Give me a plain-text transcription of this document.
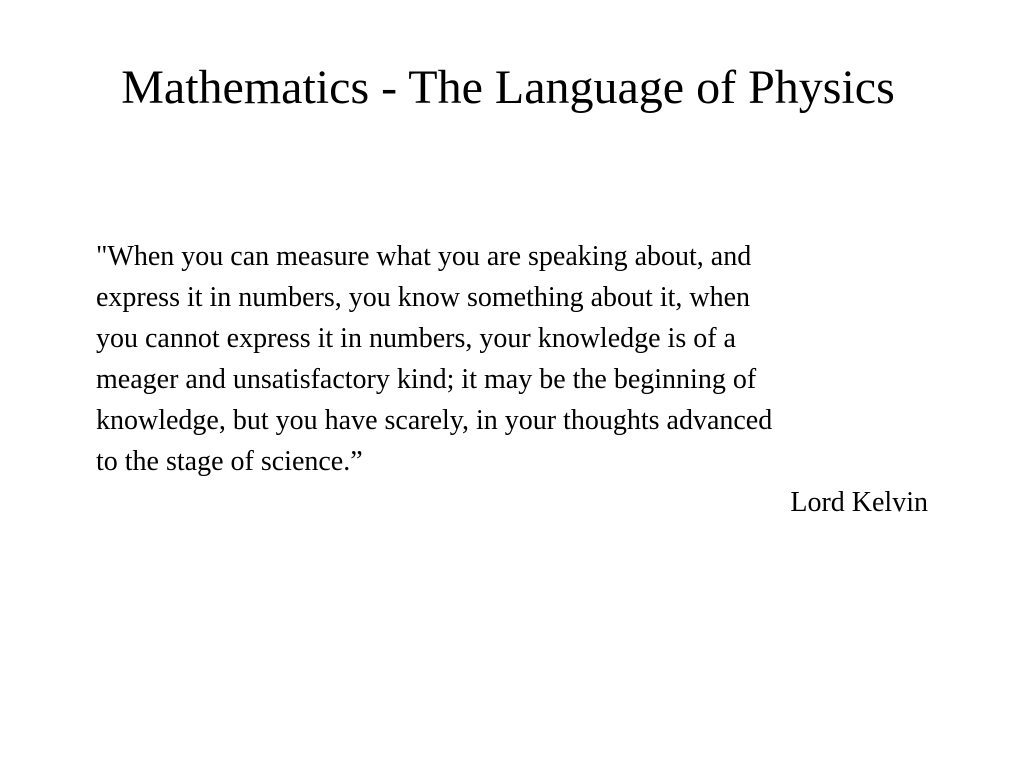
Mathematics - The Language of Physics
"When you can measure what you are speaking about, and
express it in numbers, you know something about it, when
you cannot express it in numbers, your knowledge is of a
meager and unsatisfactory kind; it may be the beginning of
knowledge, but you have scarely, in your thoughts advanced
to the stage of science.”
Lord Kelvin
